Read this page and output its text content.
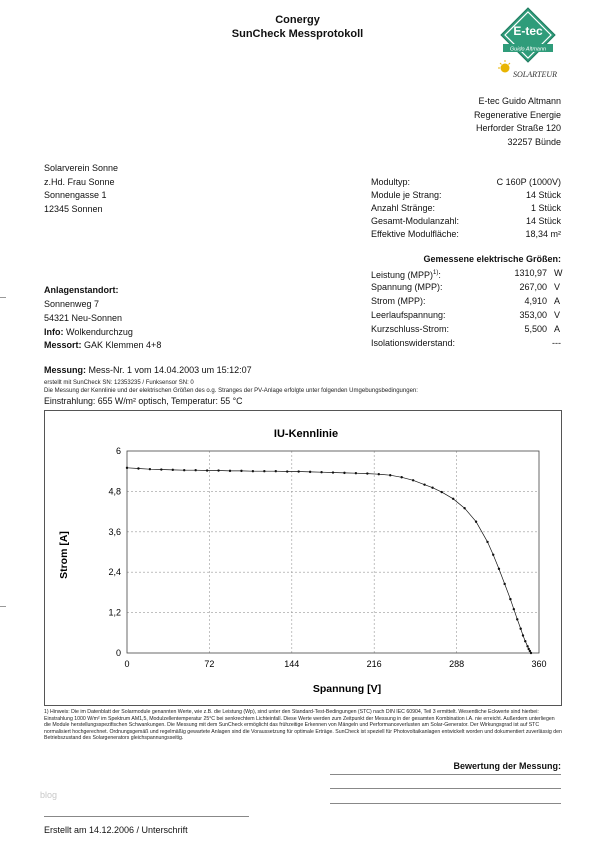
Conergy
SunCheck Messprotokoll	E-tec
Guido Altmann
SOLARTEUR
E-tec Guido Altmann
Regenerative Energie
Herforder Straße 120
32257 Bünde
Solarverein Sonne
z.Hd. Frau Sonne
Sonnengasse 1
12345 Sonnen
Modultyp:	C 160P (1000V)
Module je Strang:	14 Stück
Anzahl Stränge:	1 Stück
Gesamt-Modulanzahl:	14 Stück
Effektive Modulfläche:	18,34 m²
Gemessene elektrische Größen:
Leistung (MPP)$^{1)}$:	1310,97 W
Spannung (MPP):	267,00 V
Strom (MPP):	4,910 A
Leerlaufspannung:	353,00 V
Kurzschluss-Strom:	5,500 A
Isolationswiderstand:	---
Anlagenstandort:
Sonnenweg 7
54321 Neu-Sonnen
Info: Wolkendurchzug
Messort: GAK Klemmen 4+8
Messung: Mess-Nr. 1 vom 14.04.2003 um 15:12:07
erstellt mit SunCheck SN: 12353235 / Funksensor SN: 0
Die Messung der Kennlinie und der elektrischen Größen des o.g. Stranges der PV-Anlage erfolgte unter folgenden Umgebungsbedingungen:
Einstrahlung: 655 W/m² optisch, Temperatur: 55 °C
IU-Kennlinie
0	72	144	216	288	360
0
1,2
2,4
3,6
4,8
6
Spannung [V]
Strom [A]
1) Hinweis: Die im Datenblatt der Solarmodule genannten Werte, wie z.B. die Leistung (Wp), sind unter den Standard-Test-Bedingungen (STC) nach DIN IEC 60904, Teil 3 ermittelt. Wesentliche Eckwerte sind hierbei: Einstrahlung 1000 W/m² im Spektrum AM1,5, Modulzellentemperatur 25°C bei senkrechtem Lichteinfall. Diese Werte werden zum Zeitpunkt der Messung in der gesamten Kombination i.A. nie erreicht. Außerdem unterliegen die Module herstellungsspezifischen Schwankungen. Die Messung mit dem SunCheck ermöglicht das frühzeitige Erkennen von Mängeln und Performanceverlusten am Solar-Generator. Der Wirkungsgrad ist auf STC normalisiert hochgerechnet. Ordnungsgemäß und regelmäßig gewartete Anlagen sind die Voraussetzung für optimale Erträge. SunCheck ist speziell für Photovoltaikanlagen entwickelt worden und dokumentiert zuverlässig den Betriebszustand des Solargenerators gleichspannungsseitig.
Bewertung der Messung:
blog
Erstellt am 14.12.2006 / Unterschrift
